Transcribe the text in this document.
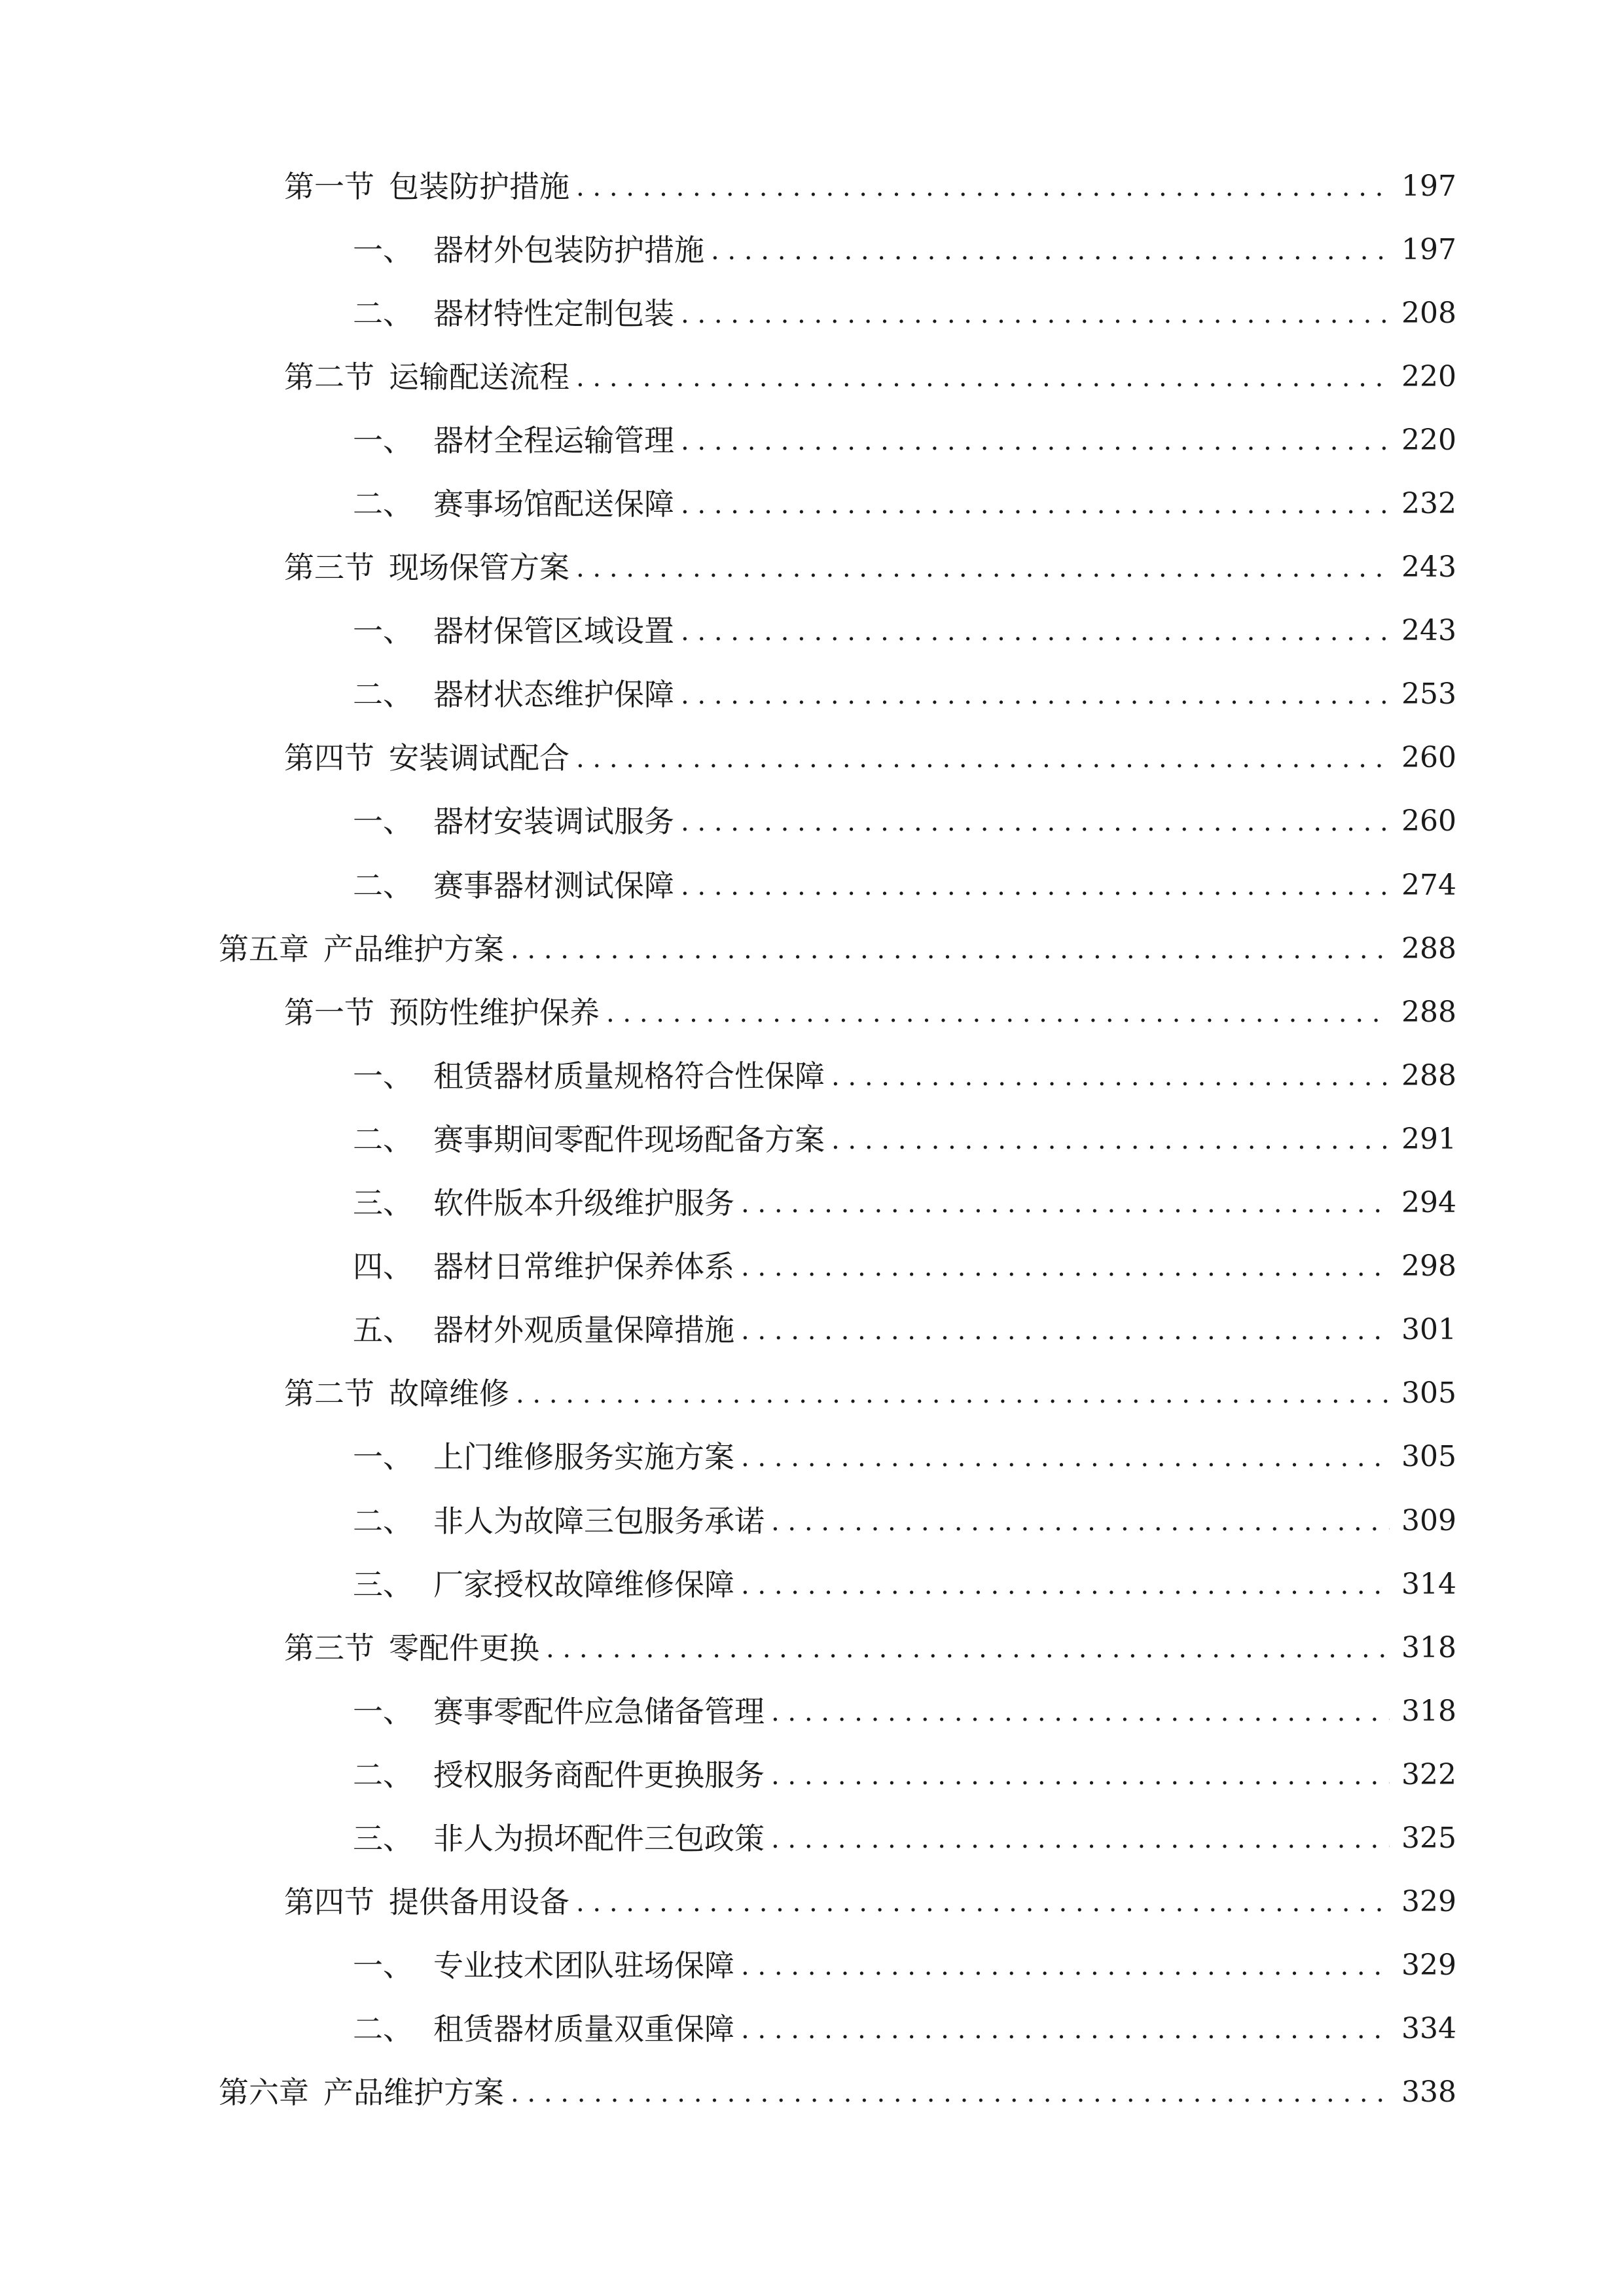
第一节 包装防护措施 . . .	197
一、 器材外包装防护措施 . . .	197
二、 器材特性定制包装 . . .	208
第二节 运输配送流程 . . .	220
一、 器材全程运输管理 . . .	220
二、 赛事场馆配送保障 . . .	232
第三节 现场保管方案 . . .	243
一、 器材保管区域设置 . . .	243
二、 器材状态维护保障 . . .	253
第四节 安装调试配合 . . .	260
一、 器材安装调试服务 . . .	260
二、 赛事器材测试保障 . . .	274
第五章 产品维护方案 . . .	288
第一节 预防性维护保养 . . .	288
一、 租赁器材质量规格符合性保障 . . .	288
二、 赛事期间零配件现场配备方案 . . .	291
三、 软件版本升级维护服务 . . .	294
四、 器材日常维护保养体系 . . .	298
五、 器材外观质量保障措施 . . .	301
第二节 故障维修 . . .	305
一、 上门维修服务实施方案 . . .	305
二、 非人为故障三包服务承诺 . . .	309
三、 厂家授权故障维修保障 . . .	314
第三节 零配件更换 . . .	318
一、 赛事零配件应急储备管理 . . .	318
二、 授权服务商配件更换服务 . . .	322
三、 非人为损坏配件三包政策 . . .	325
第四节 提供备用设备 . . .	329
一、 专业技术团队驻场保障 . . .	329
二、 租赁器材质量双重保障 . . .	334
第六章 产品维护方案 . . .	338
